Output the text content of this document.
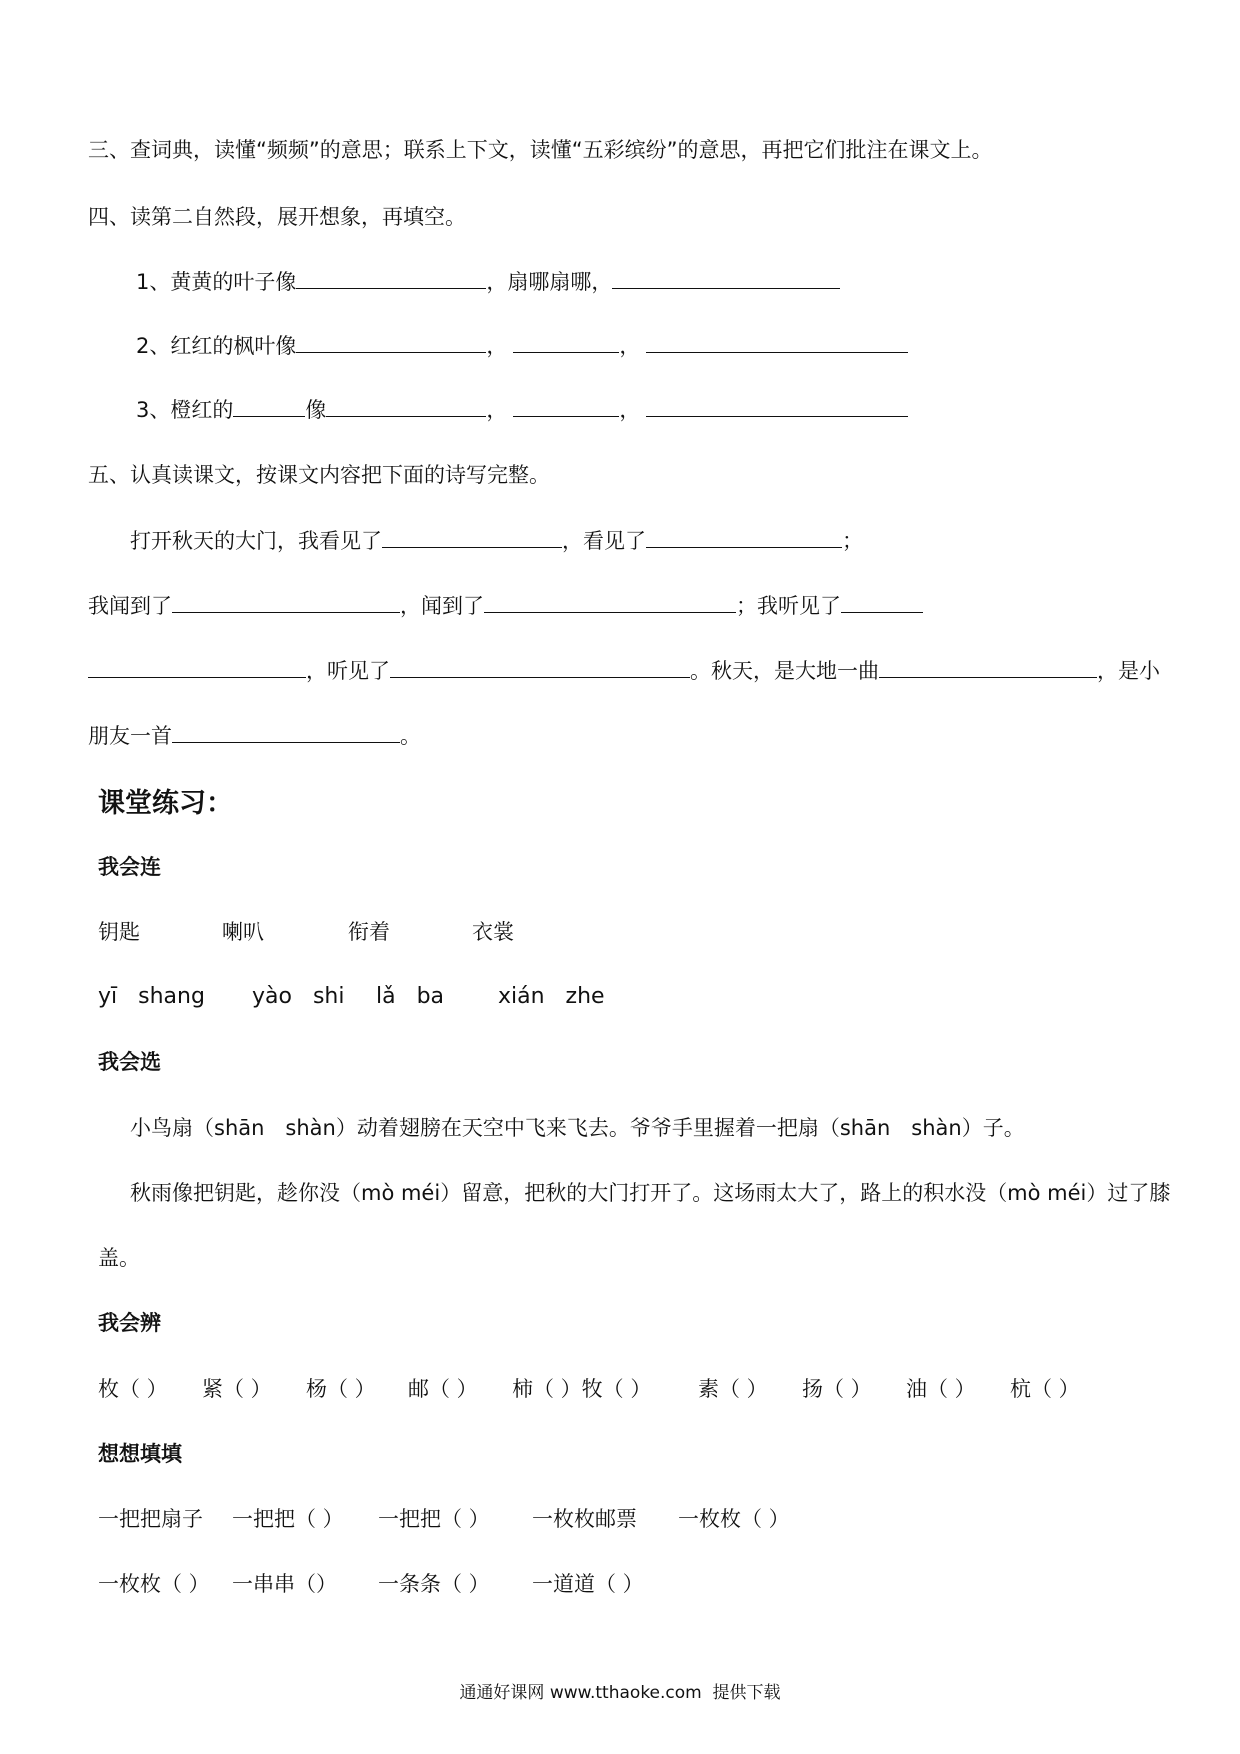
三、查词典，读懂“频频”的意思；联系上下文，读懂“五彩缤纷”的意思，再把它们批注在课文上。
四、读第二自然段，展开想象，再填空。
1、黄黄的叶子像	，扇哪扇哪，
2、红红的枫叶像	，	，
3、橙红的	像	，	，
五、认真读课文，按课文内容把下面的诗写完整。
打开秋天的大门，我看见了	，看见了	；
我闻到了	，闻到了	；我听见了
，听见了	。秋天，是大地一曲	，是小
朋友一首	。
课堂练习：
我会连
钥匙	喇叭	衔着	衣裳
yī   shang yào   shi lǎ   ba xián   zhe
我会选
小鸟扇（shān　shàn）动着翅膀在天空中飞来飞去。爷爷手里握着一把扇（shān　shàn）子。
秋雨像把钥匙，趁你没（mò méi）留意，把秋的大门打开了。这场雨太大了，路上的积水没（mò méi）过了膝
盖。
我会辨
枚（ ） 紧（ ） 杨（ ） 邮（ ） 柿（ ）牧（ ） 素（ ） 扬（ ） 油（ ） 杭（ ）
想想填填
一把把扇子 一把把（ ） 一把把（ ） 一枚枚邮票 一枚枚（ ）
一枚枚（ ） 一串串（） 一条条（ ） 一道道（ ）
通通好课网 www.tthaoke.com  提供下载
